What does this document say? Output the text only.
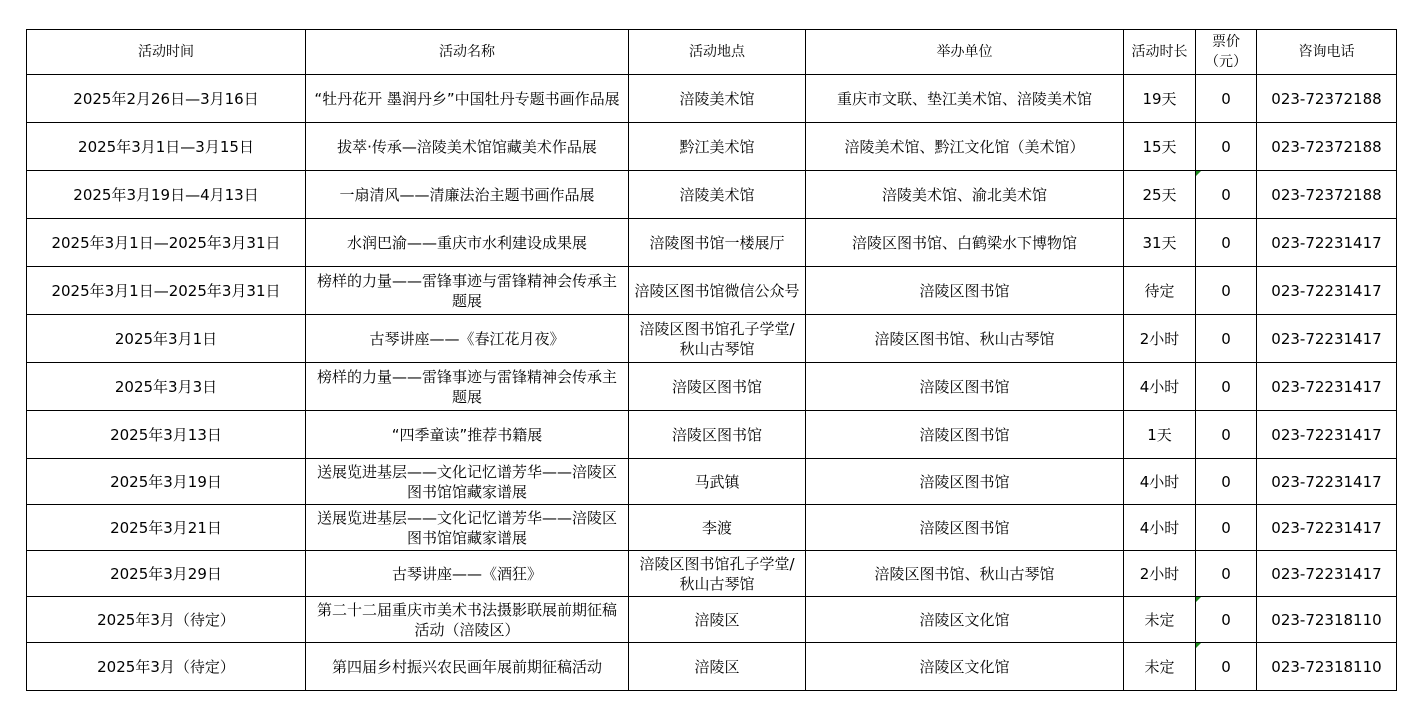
活动时间	活动名称	活动地点	举办单位	活动时长	票价（元）	咨询电话
2025年2月26日—3月16日	“牡丹花开 墨润丹乡”中国牡丹专题书画作品展	涪陵美术馆	重庆市文联、垫江美术馆、涪陵美术馆	19天	0	023-72372188
2025年3月1日—3月15日	拔萃·传承—涪陵美术馆馆藏美术作品展	黔江美术馆	涪陵美术馆、黔江文化馆（美术馆）	15天	0	023-72372188
2025年3月19日—4月13日	一扇清风——清廉法治主题书画作品展	涪陵美术馆	涪陵美术馆、渝北美术馆	25天	0	023-72372188
2025年3月1日—2025年3月31日	水润巴渝——重庆市水利建设成果展	涪陵图书馆一楼展厅	涪陵区图书馆、白鹤梁水下博物馆	31天	0	023-72231417
2025年3月1日—2025年3月31日	榜样的力量——雷锋事迹与雷锋精神会传承主题展	涪陵区图书馆微信公众号	涪陵区图书馆	待定	0	023-72231417
2025年3月1日	古琴讲座——《春江花月夜》	涪陵区图书馆孔子学堂/秋山古琴馆	涪陵区图书馆、秋山古琴馆	2小时	0	023-72231417
2025年3月3日	榜样的力量——雷锋事迹与雷锋精神会传承主题展	涪陵区图书馆	涪陵区图书馆	4小时	0	023-72231417
2025年3月13日	“四季童读”推荐书籍展	涪陵区图书馆	涪陵区图书馆	1天	0	023-72231417
2025年3月19日	送展览进基层——文化记忆谱芳华——涪陵区图书馆馆藏家谱展	马武镇	涪陵区图书馆	4小时	0	023-72231417
2025年3月21日	送展览进基层——文化记忆谱芳华——涪陵区图书馆馆藏家谱展	李渡	涪陵区图书馆	4小时	0	023-72231417
2025年3月29日	古琴讲座——《酒狂》	涪陵区图书馆孔子学堂/秋山古琴馆	涪陵区图书馆、秋山古琴馆	2小时	0	023-72231417
2025年3月（待定）	第二十二届重庆市美术书法摄影联展前期征稿活动（涪陵区）	涪陵区	涪陵区文化馆	未定	0	023-72318110
2025年3月（待定）	第四届乡村振兴农民画年展前期征稿活动	涪陵区	涪陵区文化馆	未定	0	023-72318110
